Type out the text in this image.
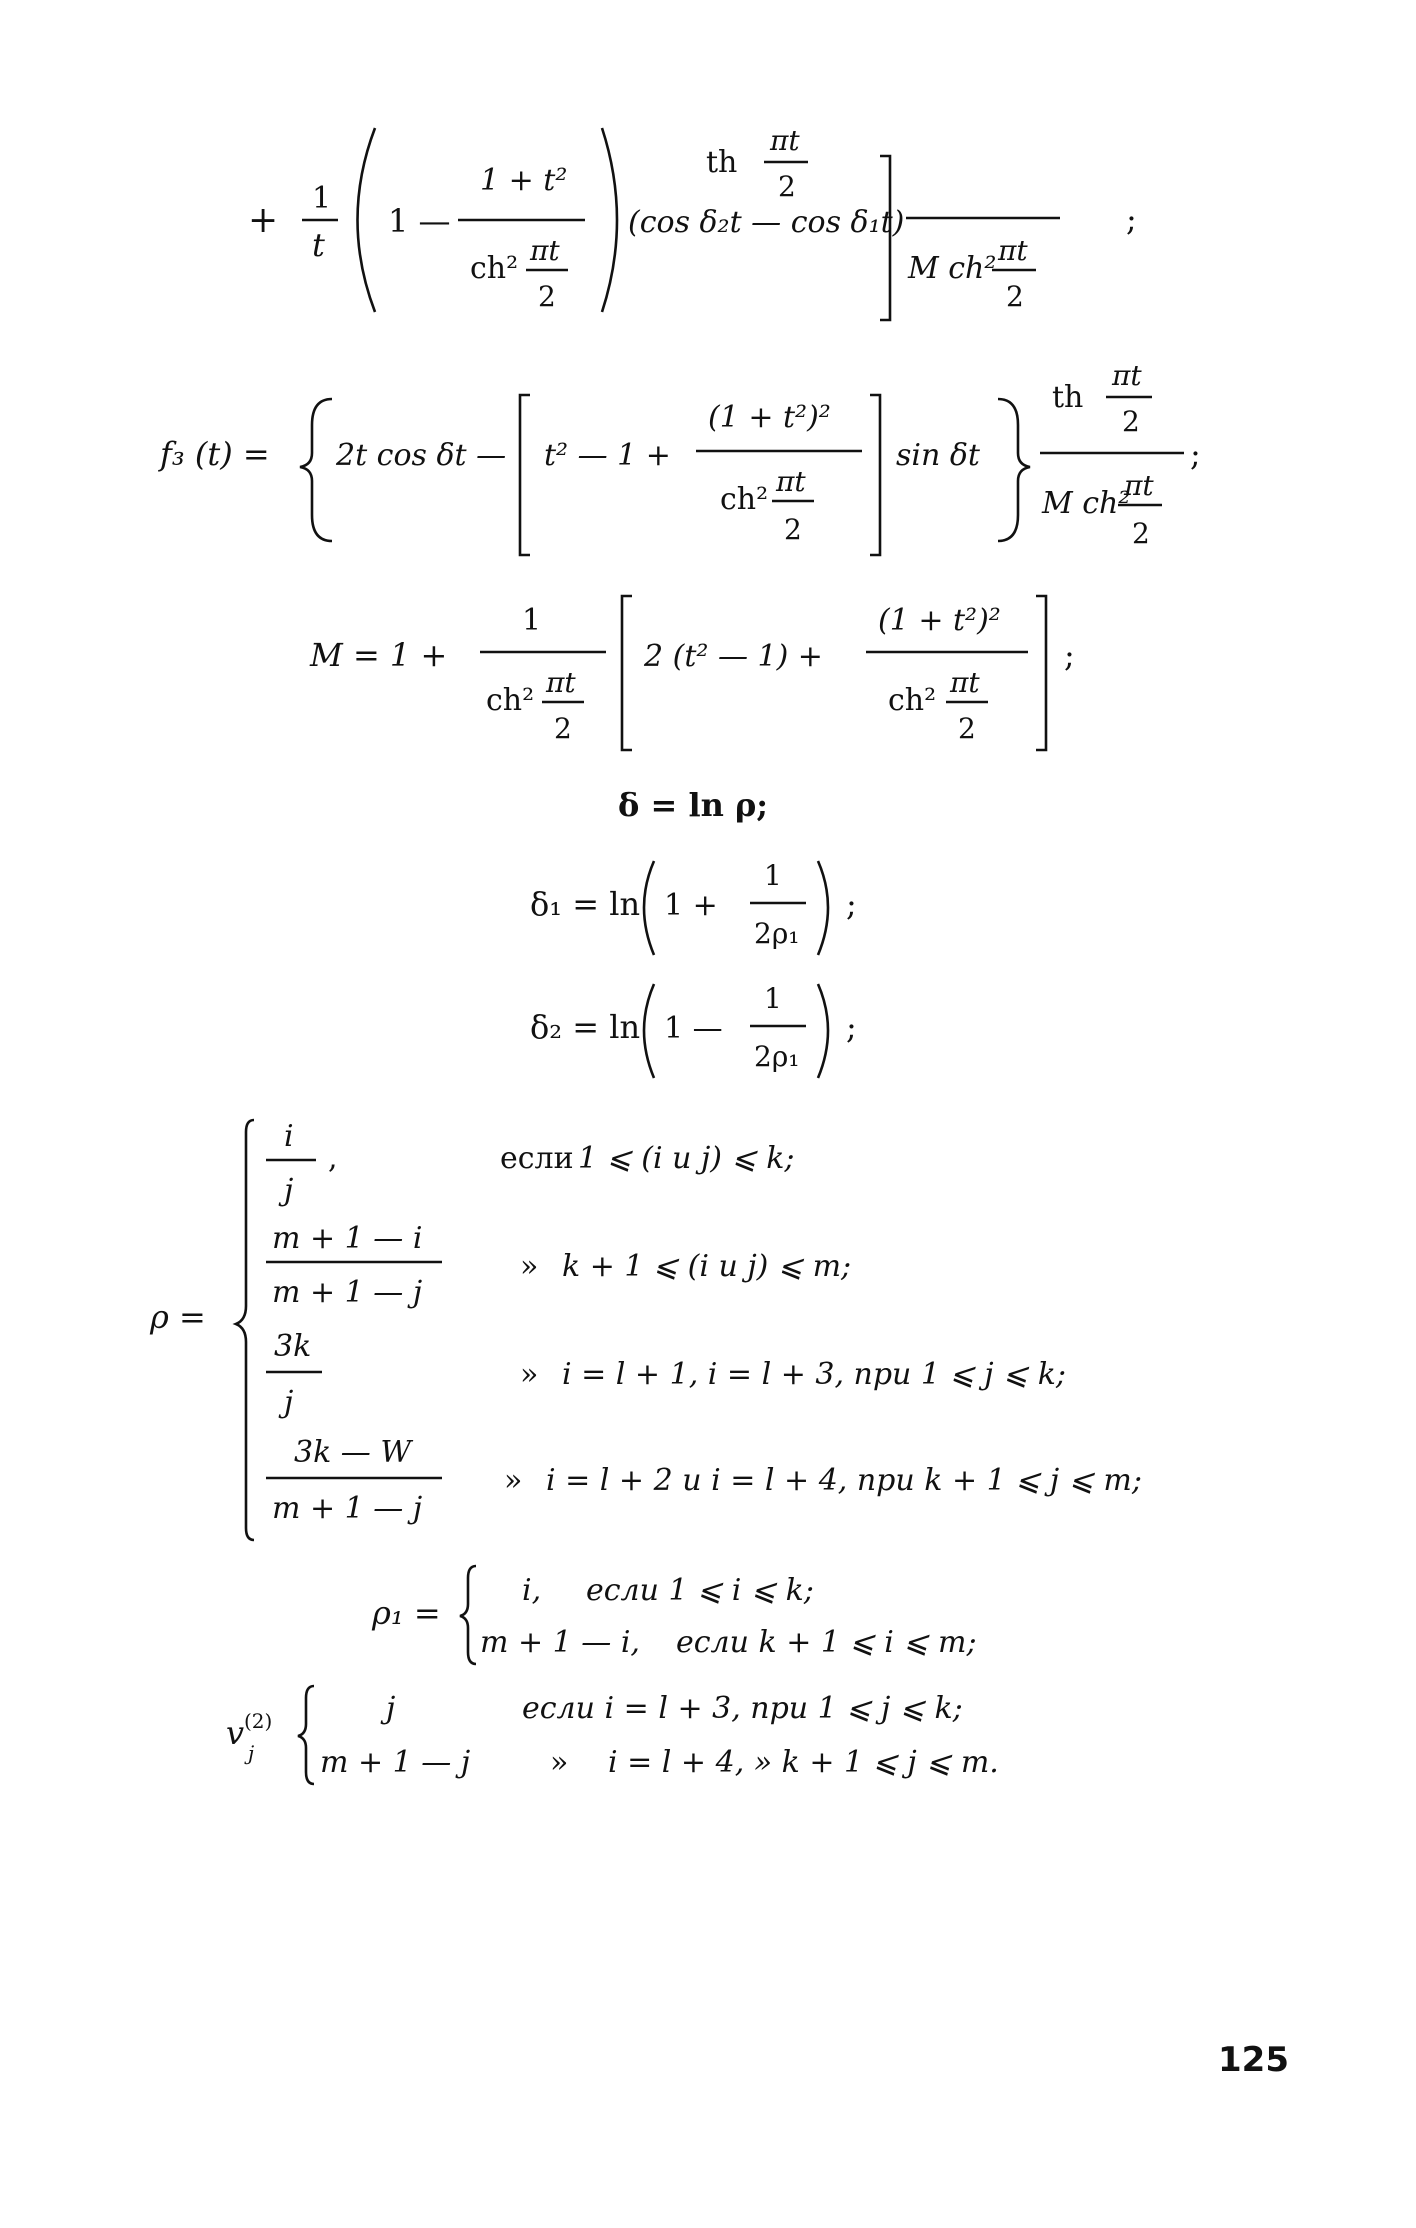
+
1
t
1 —
1 + t²
ch²
πt
2
(cos δ₂t — cos δ₁t)
th
πt
2
M ch²
πt
2
;
f₃ (t) = 2t cos δt — t² — 1 +
(1 + t²)²
ch²
πt
2
sin δt
th
πt
2
M ch²
πt
2
;
M = 1 +
1
ch²
πt
2
2 (t² — 1) +
(1 + t²)²
ch²
πt
2
;
δ = ln ρ;
δ₁ = ln 1 +
1
2ρ₁
;
δ₂ = ln 1 —
1
2ρ₁
;
ρ =
i
j
,	если 1 ⩽ (i и j) ⩽ k;
m + 1 — i
m + 1 — j
» k + 1 ⩽ (i и j) ⩽ m;
3k
j
» i = l + 1, i = l + 3, при 1 ⩽ j ⩽ k;
3k — W
m + 1 — j
» i = l + 2 и i = l + 4, при k + 1 ⩽ j ⩽ m;
ρ₁ =
i, если 1 ⩽ i ⩽ k;
m + 1 — i, если k + 1 ⩽ i ⩽ m;
v (2)
j
j	если i = l + 3, при 1 ⩽ j ⩽ k;
m + 1 — j	» i = l + 4, » k + 1 ⩽ j ⩽ m.
125
